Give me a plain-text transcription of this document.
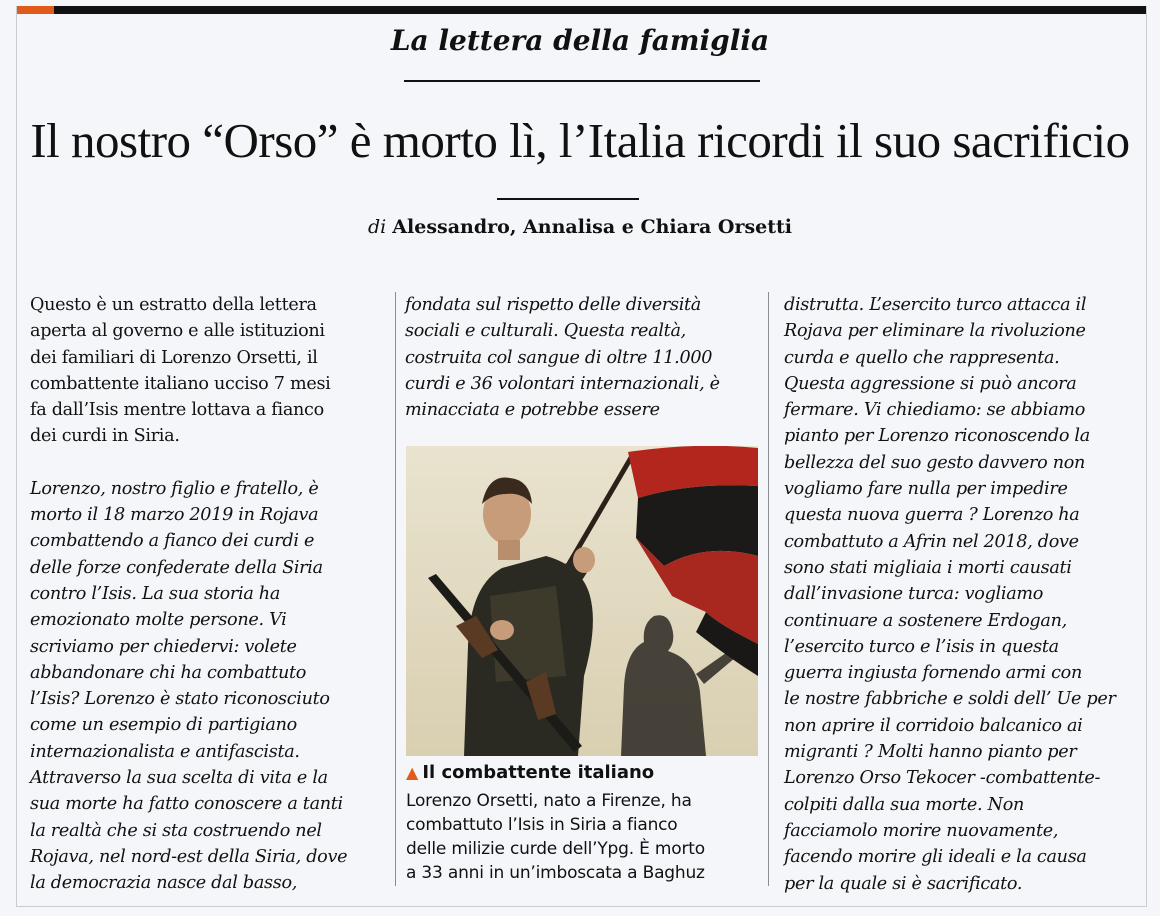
La lettera della famiglia
Il nostro “Orso” è morto lì, l’Italia ricordi il suo sacrificio
di Alessandro, Annalisa e Chiara Orsetti

Questo è un estratto della lettera
aperta al governo e alle istituzioni
dei familiari di Lorenzo Orsetti, il
combattente italiano ucciso 7 mesi
fa dall’Isis mentre lottava a fianco
dei curdi in Siria.

Lorenzo, nostro figlio e fratello, è
morto il 18 marzo 2019 in Rojava
combattendo a fianco dei curdi e
delle forze confederate della Siria
contro l’Isis. La sua storia ha
emozionato molte persone. Vi
scriviamo per chiedervi: volete
abbandonare chi ha combattuto
l’Isis? Lorenzo è stato riconosciuto
come un esempio di partigiano
internazionalista e antifascista.
Attraverso la sua scelta di vita e la
sua morte ha fatto conoscere a tanti
la realtà che si sta costruendo nel
Rojava, nel nord-est della Siria, dove
la democrazia nasce dal basso,

fondata sul rispetto delle diversità
sociali e culturali. Questa realtà,
costruita col sangue di oltre 11.000
curdi e 36 volontari internazionali, è
minacciata e potrebbe essere

distrutta. L’esercito turco attacca il
Rojava per eliminare la rivoluzione
curda e quello che rappresenta.
Questa aggressione si può ancora
fermare. Vi chiediamo: se abbiamo
pianto per Lorenzo riconoscendo la
bellezza del suo gesto davvero non
vogliamo fare nulla per impedire
questa nuova guerra ? Lorenzo ha
combattuto a Afrin nel 2018, dove
sono stati migliaia i morti causati
dall’invasione turca: vogliamo
continuare a sostenere Erdogan,
l’esercito turco e l’isis in questa
guerra ingiusta fornendo armi con
le nostre fabbriche e soldi dell’ Ue per
non aprire il corridoio balcanico ai
migranti ? Molti hanno pianto per
Lorenzo Orso Tekocer -combattente-
colpiti dalla sua morte. Non
facciamolo morire nuovamente,
facendo morire gli ideali e la causa
per la quale si è sacrificato.

▲ Il combattente italiano
Lorenzo Orsetti, nato a Firenze, ha
combattuto l’Isis in Siria a fianco
delle milizie curde dell’Ypg. È morto
a 33 anni in un’imboscata a Baghuz
